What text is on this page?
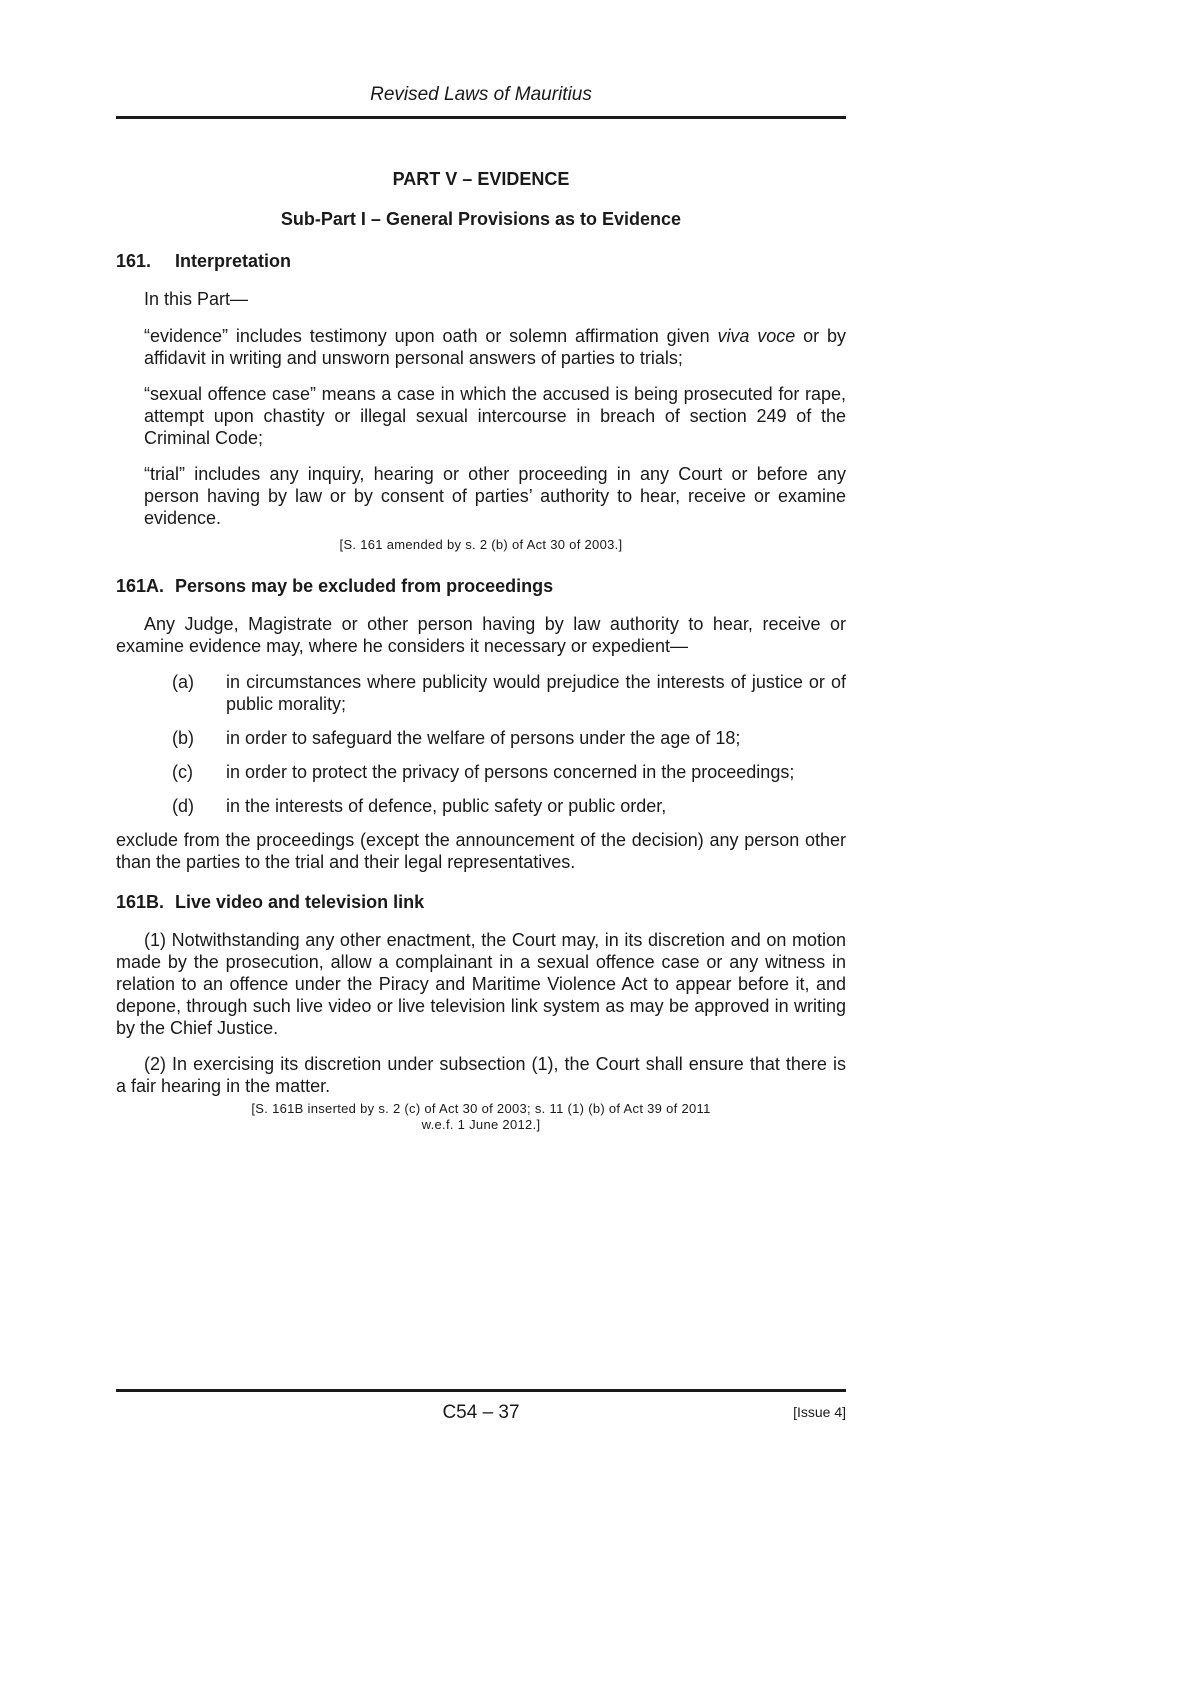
Revised Laws of Mauritius
PART V – EVIDENCE
Sub-Part I – General Provisions as to Evidence
161. Interpretation

In this Part—

“evidence” includes testimony upon oath or solemn affirmation given viva voce or by affidavit in writing and unsworn personal answers of parties to trials;

“sexual offence case” means a case in which the accused is being prosecuted for rape, attempt upon chastity or illegal sexual intercourse in breach of section 249 of the Criminal Code;

“trial” includes any inquiry, hearing or other proceeding in any Court or before any person having by law or by consent of parties’ authority to hear, receive or examine evidence.

[S. 161 amended by s. 2 (b) of Act 30 of 2003.]

161A. Persons may be excluded from proceedings

Any Judge, Magistrate or other person having by law authority to hear, receive or examine evidence may, where he considers it necessary or expedient—

(a)	in circumstances where publicity would prejudice the interests of justice or of public morality;
(b)	in order to safeguard the welfare of persons under the age of 18;
(c)	in order to protect the privacy of persons concerned in the proceedings;
(d)	in the interests of defence, public safety or public order,

exclude from the proceedings (except the announcement of the decision) any person other than the parties to the trial and their legal representatives.

161B. Live video and television link

(1) Notwithstanding any other enactment, the Court may, in its discretion and on motion made by the prosecution, allow a complainant in a sexual offence case or any witness in relation to an offence under the Piracy and Maritime Violence Act to appear before it, and depone, through such live video or live television link system as may be approved in writing by the Chief Justice.

(2) In exercising its discretion under subsection (1), the Court shall ensure that there is a fair hearing in the matter.

[S. 161B inserted by s. 2 (c) of Act 30 of 2003; s. 11 (1) (b) of Act 39 of 2011
w.e.f. 1 June 2012.]

C54 – 37	[Issue 4]
